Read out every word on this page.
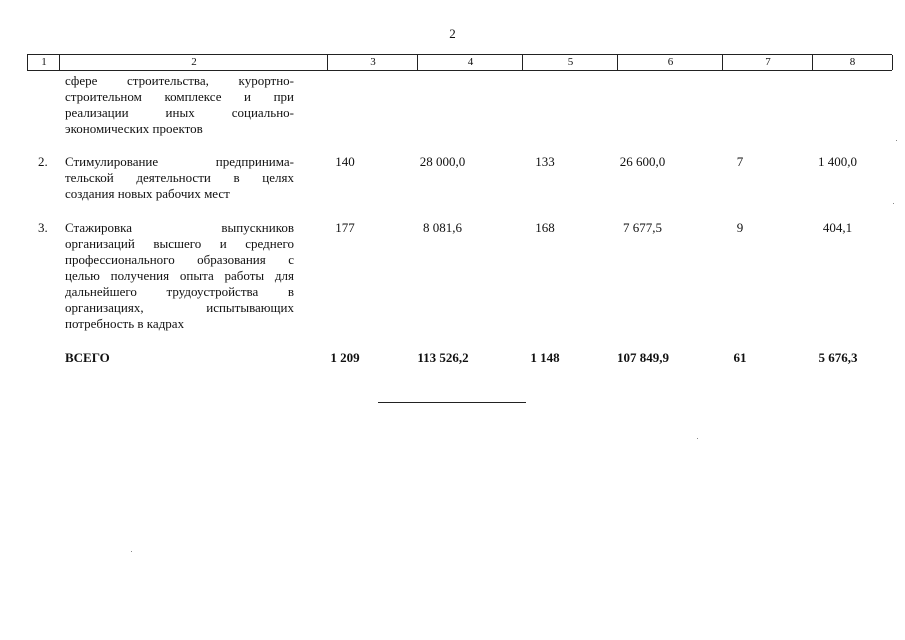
2
1	2	3	4	5	6	7	8
сфере строительства, курортно-
строительном комплексе и при
реализации иных социально-
экономических проектов
2. Стимулирование предпринима-
тельской деятельности в целях
создания новых рабочих мест
140	28 000,0	133	26 600,0	7	1 400,0
3. Стажировка выпускников
организаций высшего и среднего
профессионального образования с
целью получения опыта работы для
дальнейшего трудоустройства в
организациях, испытывающих
потребность в кадрах
177	8 081,6	168	7 677,5	9	404,1
ВСЕГО	1 209	113 526,2	1 148	107 849,9	61	5 676,3
